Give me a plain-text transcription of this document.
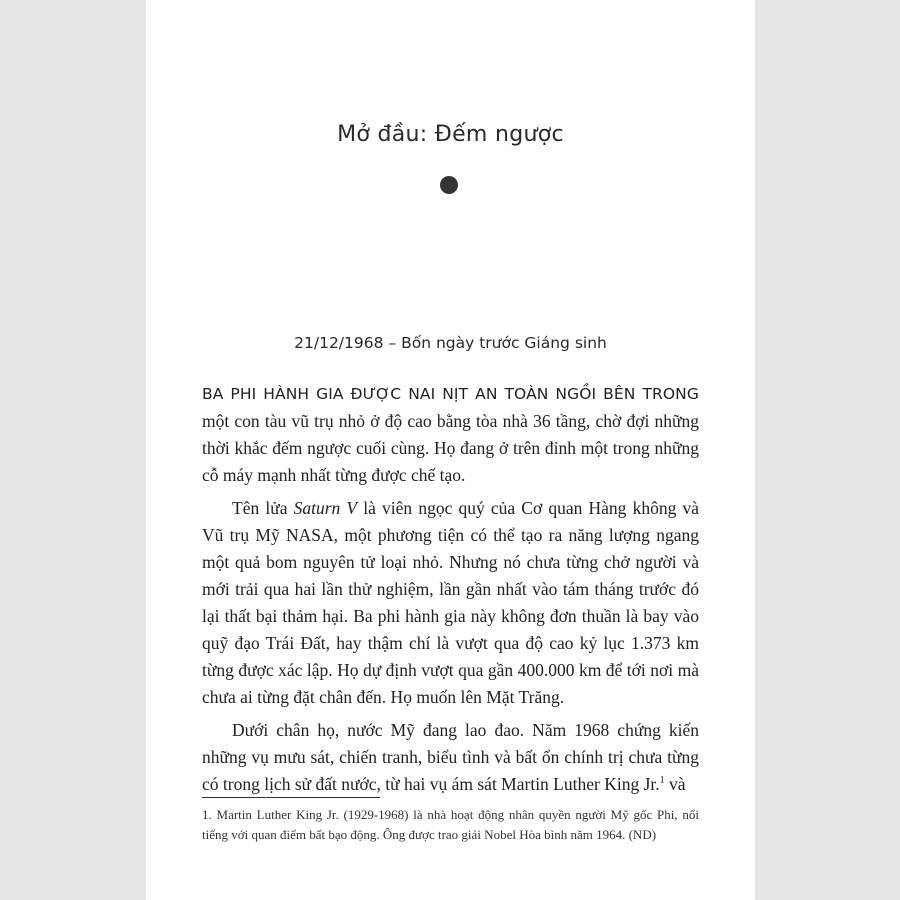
Mở đầu: Đếm ngược
21/12/1968 – Bốn ngày trước Giáng sinh

BA PHI HÀNH GIA ĐƯỢC NAI NỊT AN TOÀN NGỒI BÊN TRONG một con tàu vũ trụ nhỏ ở độ cao bằng tòa nhà 36 tầng, chờ đợi những thời khắc đếm ngược cuối cùng. Họ đang ở trên đỉnh một trong những cỗ máy mạnh nhất từng được chế tạo.

Tên lửa Saturn V là viên ngọc quý của Cơ quan Hàng không và Vũ trụ Mỹ NASA, một phương tiện có thể tạo ra năng lượng ngang một quả bom nguyên tử loại nhỏ. Nhưng nó chưa từng chở người và mới trải qua hai lần thử nghiệm, lần gần nhất vào tám tháng trước đó lại thất bại thảm hại. Ba phi hành gia này không đơn thuần là bay vào quỹ đạo Trái Đất, hay thậm chí là vượt qua độ cao kỷ lục 1.373 km từng được xác lập. Họ dự định vượt qua gần 400.000 km để tới nơi mà chưa ai từng đặt chân đến. Họ muốn lên Mặt Trăng.

Dưới chân họ, nước Mỹ đang lao đao. Năm 1968 chứng kiến những vụ mưu sát, chiến tranh, biểu tình và bất ổn chính trị chưa từng có trong lịch sử đất nước, từ hai vụ ám sát Martin Luther King Jr.$^1$ và

1. Martin Luther King Jr. (1929-1968) là nhà hoạt động nhân quyền người Mỹ gốc Phi, nổi tiếng với quan điểm bất bạo động. Ông được trao giải Nobel Hòa bình năm 1964. (ND)
